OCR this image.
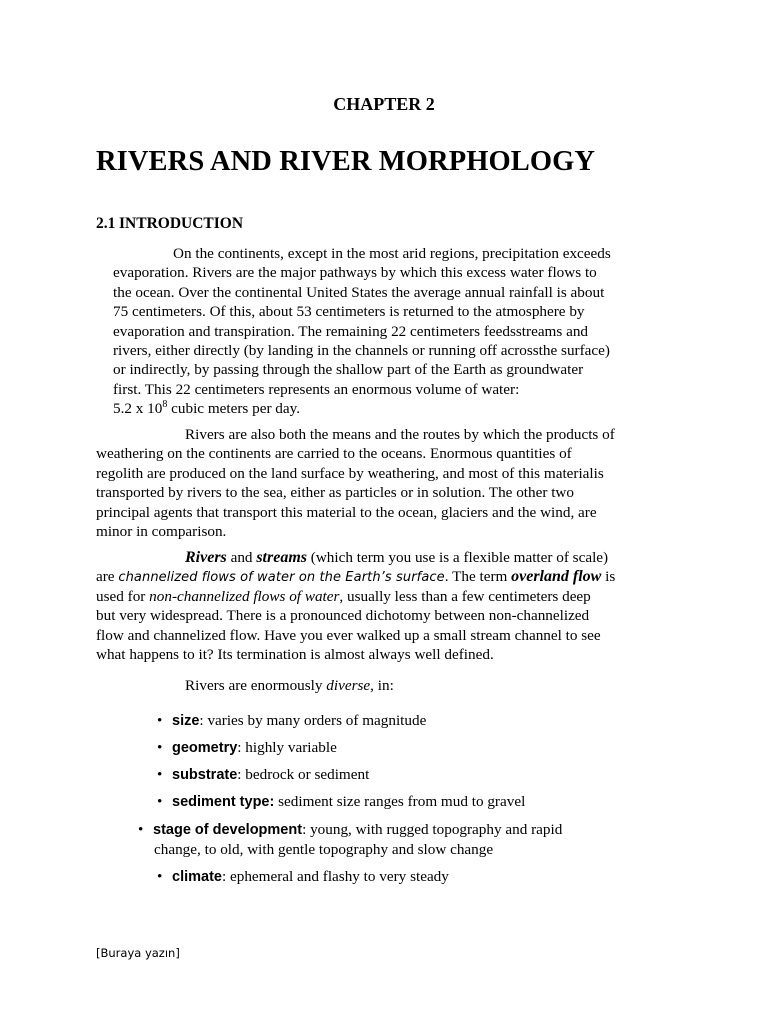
CHAPTER 2
RIVERS AND RIVER MORPHOLOGY
2.1 INTRODUCTION
On the continents, except in the most arid regions, precipitation exceeds
evaporation. Rivers are the major pathways by which this excess water flows to
the ocean. Over the continental United States the average annual rainfall is about
75 centimeters. Of this, about 53 centimeters is returned to the atmosphere by
evaporation and transpiration. The remaining 22 centimeters feedsstreams and
rivers, either directly (by landing in the channels or running off acrossthe surface)
or indirectly, by passing through the shallow part of the Earth as groundwater
first. This 22 centimeters represents an enormous volume of water:
5.2 x $10^8$ cubic meters per day.
Rivers are also both the means and the routes by which the products of
weathering on the continents are carried to the oceans. Enormous quantities of
regolith are produced on the land surface by weathering, and most of this materialis
transported by rivers to the sea, either as particles or in solution. The other two
principal agents that transport this material to the ocean, glaciers and the wind, are
minor in comparison.
Rivers and streams (which term you use is a flexible matter of scale)
are channelized flows of water on the Earth’s surface. The term overland flow is
used for non-channelized flows of water, usually less than a few centimeters deep
but very widespread. There is a pronounced dichotomy between non-channelized
flow and channelized flow. Have you ever walked up a small stream channel to see
what happens to it? Its termination is almost always well defined.
Rivers are enormously diverse, in:
• size: varies by many orders of magnitude
• geometry: highly variable
• substrate: bedrock or sediment
• sediment type: sediment size ranges from mud to gravel
• stage of development: young, with rugged topography and rapid
change, to old, with gentle topography and slow change
• climate: ephemeral and flashy to very steady
[Buraya yazın]
